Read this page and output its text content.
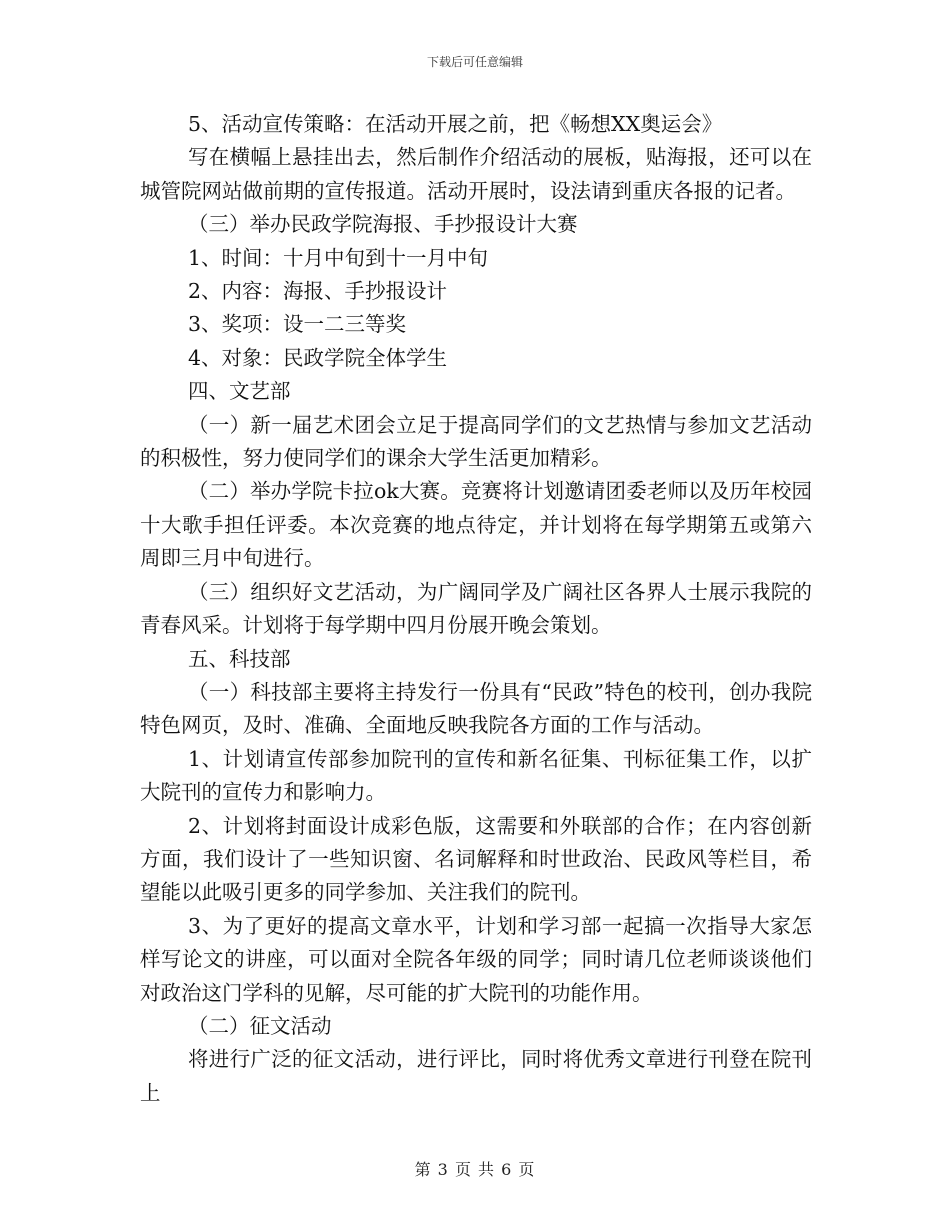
下载后可任意编辑

5、活动宣传策略：在活动开展之前，把《畅想XX奥运会》

写在横幅上悬挂出去，然后制作介绍活动的展板，贴海报，还可以在城管院网站做前期的宣传报道。活动开展时，设法请到重庆各报的记者。

（三）举办民政学院海报、手抄报设计大赛

1、时间：十月中旬到十一月中旬

2、内容：海报、手抄报设计

3、奖项：设一二三等奖

4、对象：民政学院全体学生

四、文艺部

（一）新一届艺术团会立足于提高同学们的文艺热情与参加文艺活动的积极性，努力使同学们的课余大学生活更加精彩。

（二）举办学院卡拉ok大赛。竞赛将计划邀请团委老师以及历年校园十大歌手担任评委。本次竞赛的地点待定，并计划将在每学期第五或第六周即三月中旬进行。

（三）组织好文艺活动，为广阔同学及广阔社区各界人士展示我院的青春风采。计划将于每学期中四月份展开晚会策划。

五、科技部

（一）科技部主要将主持发行一份具有“民政”特色的校刊，创办我院特色网页，及时、准确、全面地反映我院各方面的工作与活动。

1、计划请宣传部参加院刊的宣传和新名征集、刊标征集工作，以扩大院刊的宣传力和影响力。

2、计划将封面设计成彩色版，这需要和外联部的合作；在内容创新方面，我们设计了一些知识窗、名词解释和时世政治、民政风等栏目，希望能以此吸引更多的同学参加、关注我们的院刊。

3、为了更好的提高文章水平，计划和学习部一起搞一次指导大家怎样写论文的讲座，可以面对全院各年级的同学；同时请几位老师谈谈他们对政治这门学科的见解，尽可能的扩大院刊的功能作用。

（二）征文活动

将进行广泛的征文活动，进行评比，同时将优秀文章进行刊登在院刊上

第 3 页 共 6 页
